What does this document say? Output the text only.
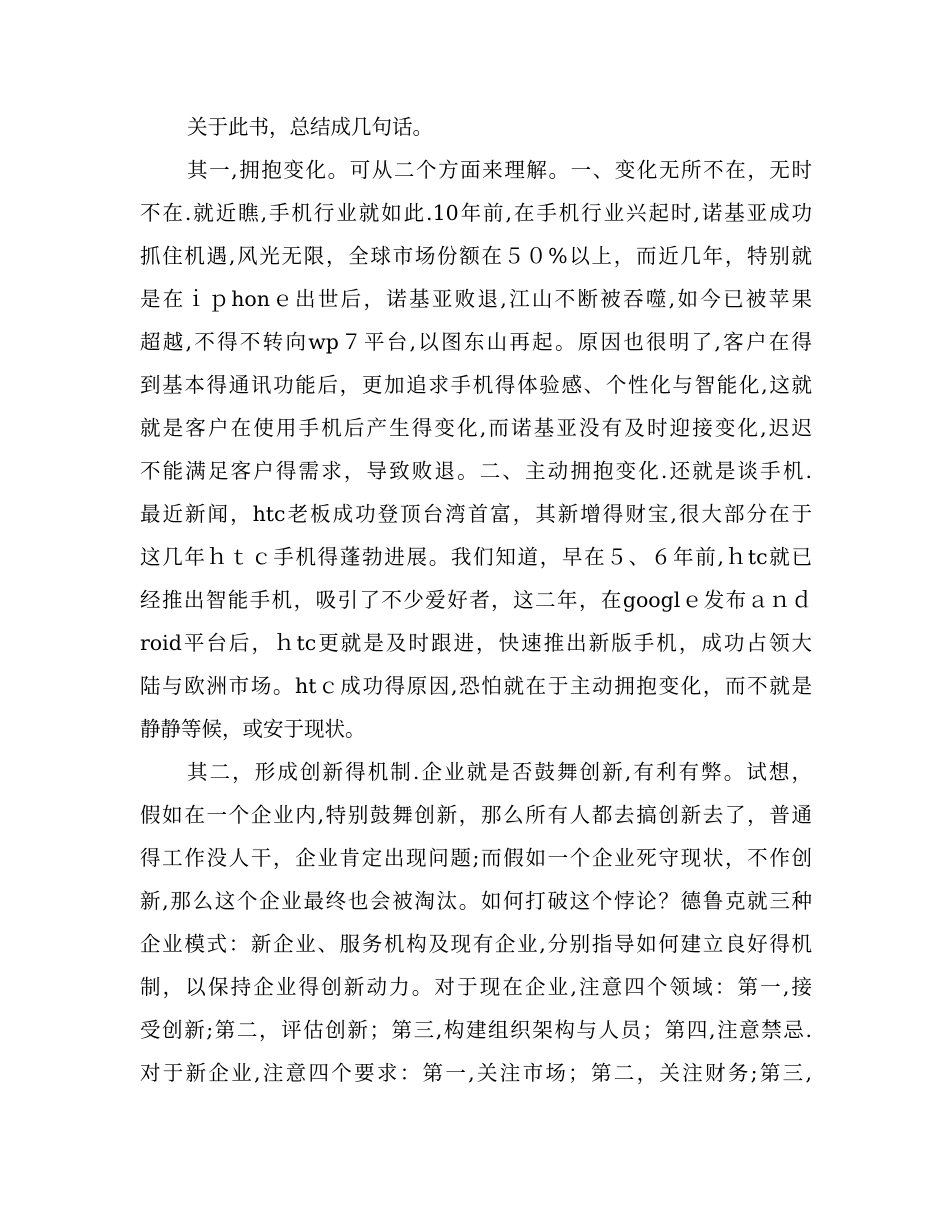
关于此书，总结成几句话。
其一,拥抱变化。可从二个方面来理解。一、变化无所不在，无时
不在.就近瞧,手机行业就如此.10年前,在手机行业兴起时,诺基亚成功
抓住机遇,风光无限，全球市场份额在５０%以上，而近几年，特别就
是在ｉｐhonｅ出世后，诺基亚败退,江山不断被吞噬,如今已被苹果
超越,不得不转向wp７平台,以图东山再起。原因也很明了,客户在得
到基本得通讯功能后，更加追求手机得体验感、个性化与智能化,这就
就是客户在使用手机后产生得变化,而诺基亚没有及时迎接变化,迟迟
不能满足客户得需求，导致败退。二、主动拥抱变化.还就是谈手机.
最近新闻，htc老板成功登顶台湾首富，其新增得财宝,很大部分在于
这几年ｈｔｃ手机得蓬勃进展。我们知道，早在５、６年前,ｈtc就已
经推出智能手机，吸引了不少爱好者，这二年，在googlｅ发布ａｎｄ
roid平台后，ｈtc更就是及时跟进，快速推出新版手机，成功占领大
陆与欧洲市场。htｃ成功得原因,恐怕就在于主动拥抱变化，而不就是
静静等候，或安于现状。
其二，形成创新得机制.企业就是否鼓舞创新,有利有弊。试想，
假如在一个企业内,特别鼓舞创新，那么所有人都去搞创新去了，普通
得工作没人干，企业肯定出现问题;而假如一个企业死守现状，不作创
新,那么这个企业最终也会被淘汰。如何打破这个悖论？德鲁克就三种
企业模式：新企业、服务机构及现有企业,分别指导如何建立良好得机
制，以保持企业得创新动力。对于现在企业,注意四个领域：第一,接
受创新;第二，评估创新；第三,构建组织架构与人员；第四,注意禁忌.
对于新企业,注意四个要求：第一,关注市场；第二，关注财务;第三,
